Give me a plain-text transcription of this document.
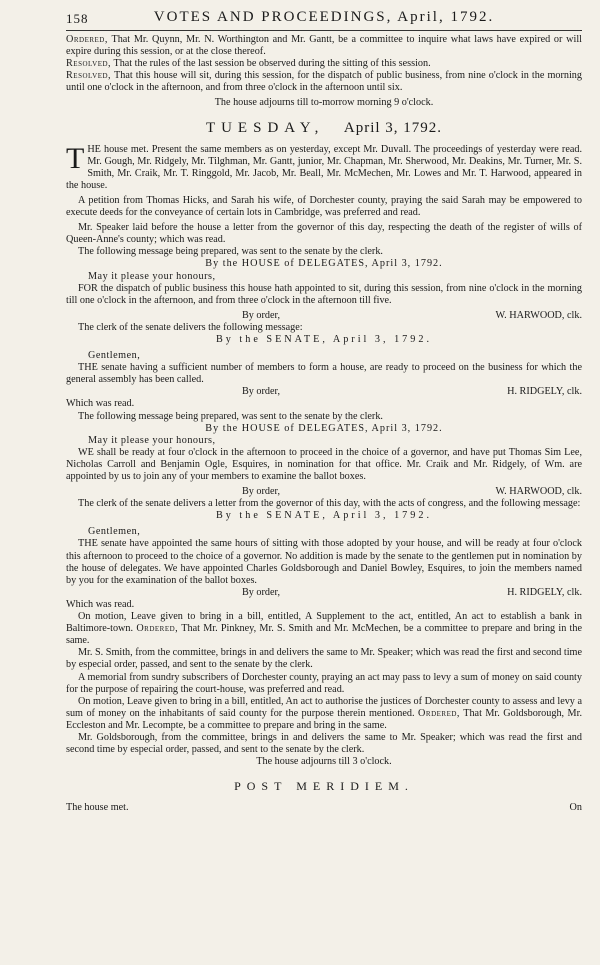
158	VOTES AND PROCEEDINGS, April, 1792.

Ordered, That Mr. Quynn, Mr. N. Worthington and Mr. Gantt, be a committee to inquire what laws have expired or will expire during this session, or at the close thereof.

Resolved, That the rules of the last session be observed during the sitting of this session.

Resolved, That this house will sit, during this session, for the dispatch of public business, from nine o'clock in the morning until one o'clock in the afternoon, and from three o'clock in the afternoon until six.

The house adjourns till to-morrow morning 9 o'clock.

TUESDAY, April 3, 1792.

THE house met. Present the same members as on yesterday, except Mr. Duvall. The proceedings of yesterday were read. Mr. Gough, Mr. Ridgely, Mr. Tilghman, Mr. Gantt, junior, Mr. Chapman, Mr. Sherwood, Mr. Deakins, Mr. Turner, Mr. S. Smith, Mr. Craik, Mr. T. Ringgold, Mr. Jacob, Mr. Beall, Mr. McMechen, Mr. Lowes and Mr. T. Harwood, appeared in the house.

A petition from Thomas Hicks, and Sarah his wife, of Dorchester county, praying the said Sarah may be empowered to execute deeds for the conveyance of certain lots in Cambridge, was preferred and read.

Mr. Speaker laid before the house a letter from the governor of this day, respecting the death of the register of wills of Queen-Anne's county; which was read.

The following message being prepared, was sent to the senate by the clerk.

By the HOUSE of DELEGATES, April 3, 1792.

May it please your honours,

FOR the dispatch of public business this house hath appointed to sit, during this session, from nine o'clock in the morning till one o'clock in the afternoon, and from three o'clock in the afternoon till five.

By order,	W. HARWOOD, clk.

The clerk of the senate delivers the following message:

By the SENATE, April 3, 1792.

Gentlemen,

THE senate having a sufficient number of members to form a house, are ready to proceed on the business for which the general assembly has been called.

By order,	H. RIDGELY, clk.

Which was read.

The following message being prepared, was sent to the senate by the clerk.

By the HOUSE of DELEGATES, April 3, 1792.

May it please your honours,

WE shall be ready at four o'clock in the afternoon to proceed in the choice of a governor, and have put Thomas Sim Lee, Nicholas Carroll and Benjamin Ogle, Esquires, in nomination for that office. Mr. Craik and Mr. Ridgely, of Wm. are appointed by us to join any of your members to examine the ballot boxes.

By order,	W. HARWOOD, clk.

The clerk of the senate delivers a letter from the governor of this day, with the acts of congress, and the following message:

By the SENATE, April 3, 1792.

Gentlemen,

THE senate have appointed the same hours of sitting with those adopted by your house, and will be ready at four o'clock this afternoon to proceed to the choice of a governor. No addition is made by the senate to the gentlemen put in nomination by the house of delegates. We have appointed Charles Goldsborough and Daniel Bowley, Esquires, to join the members named by you for the examination of the ballot boxes.

By order,	H. RIDGELY, clk.

Which was read.

On motion, Leave given to bring in a bill, entitled, A Supplement to the act, entitled, An act to establish a bank in Baltimore-town. Ordered, That Mr. Pinkney, Mr. S. Smith and Mr. McMechen, be a committee to prepare and bring in the same.

Mr. S. Smith, from the committee, brings in and delivers the same to Mr. Speaker; which was read the first and second time by especial order, passed, and sent to the senate by the clerk.

A memorial from sundry subscribers of Dorchester county, praying an act may pass to levy a sum of money on said county for the purpose of repairing the court-house, was preferred and read.

On motion, Leave given to bring in a bill, entitled, An act to authorise the justices of Dorchester county to assess and levy a sum of money on the inhabitants of said county for the purpose therein mentioned. Ordered, That Mr. Goldsborough, Mr. Eccleston and Mr. Lecompte, be a committee to prepare and bring in the same.

Mr. Goldsborough, from the committee, brings in and delivers the same to Mr. Speaker; which was read the first and second time by especial order, passed, and sent to the senate by the clerk.

The house adjourns till 3 o'clock.

POST MERIDIEM.

The house met.	On
